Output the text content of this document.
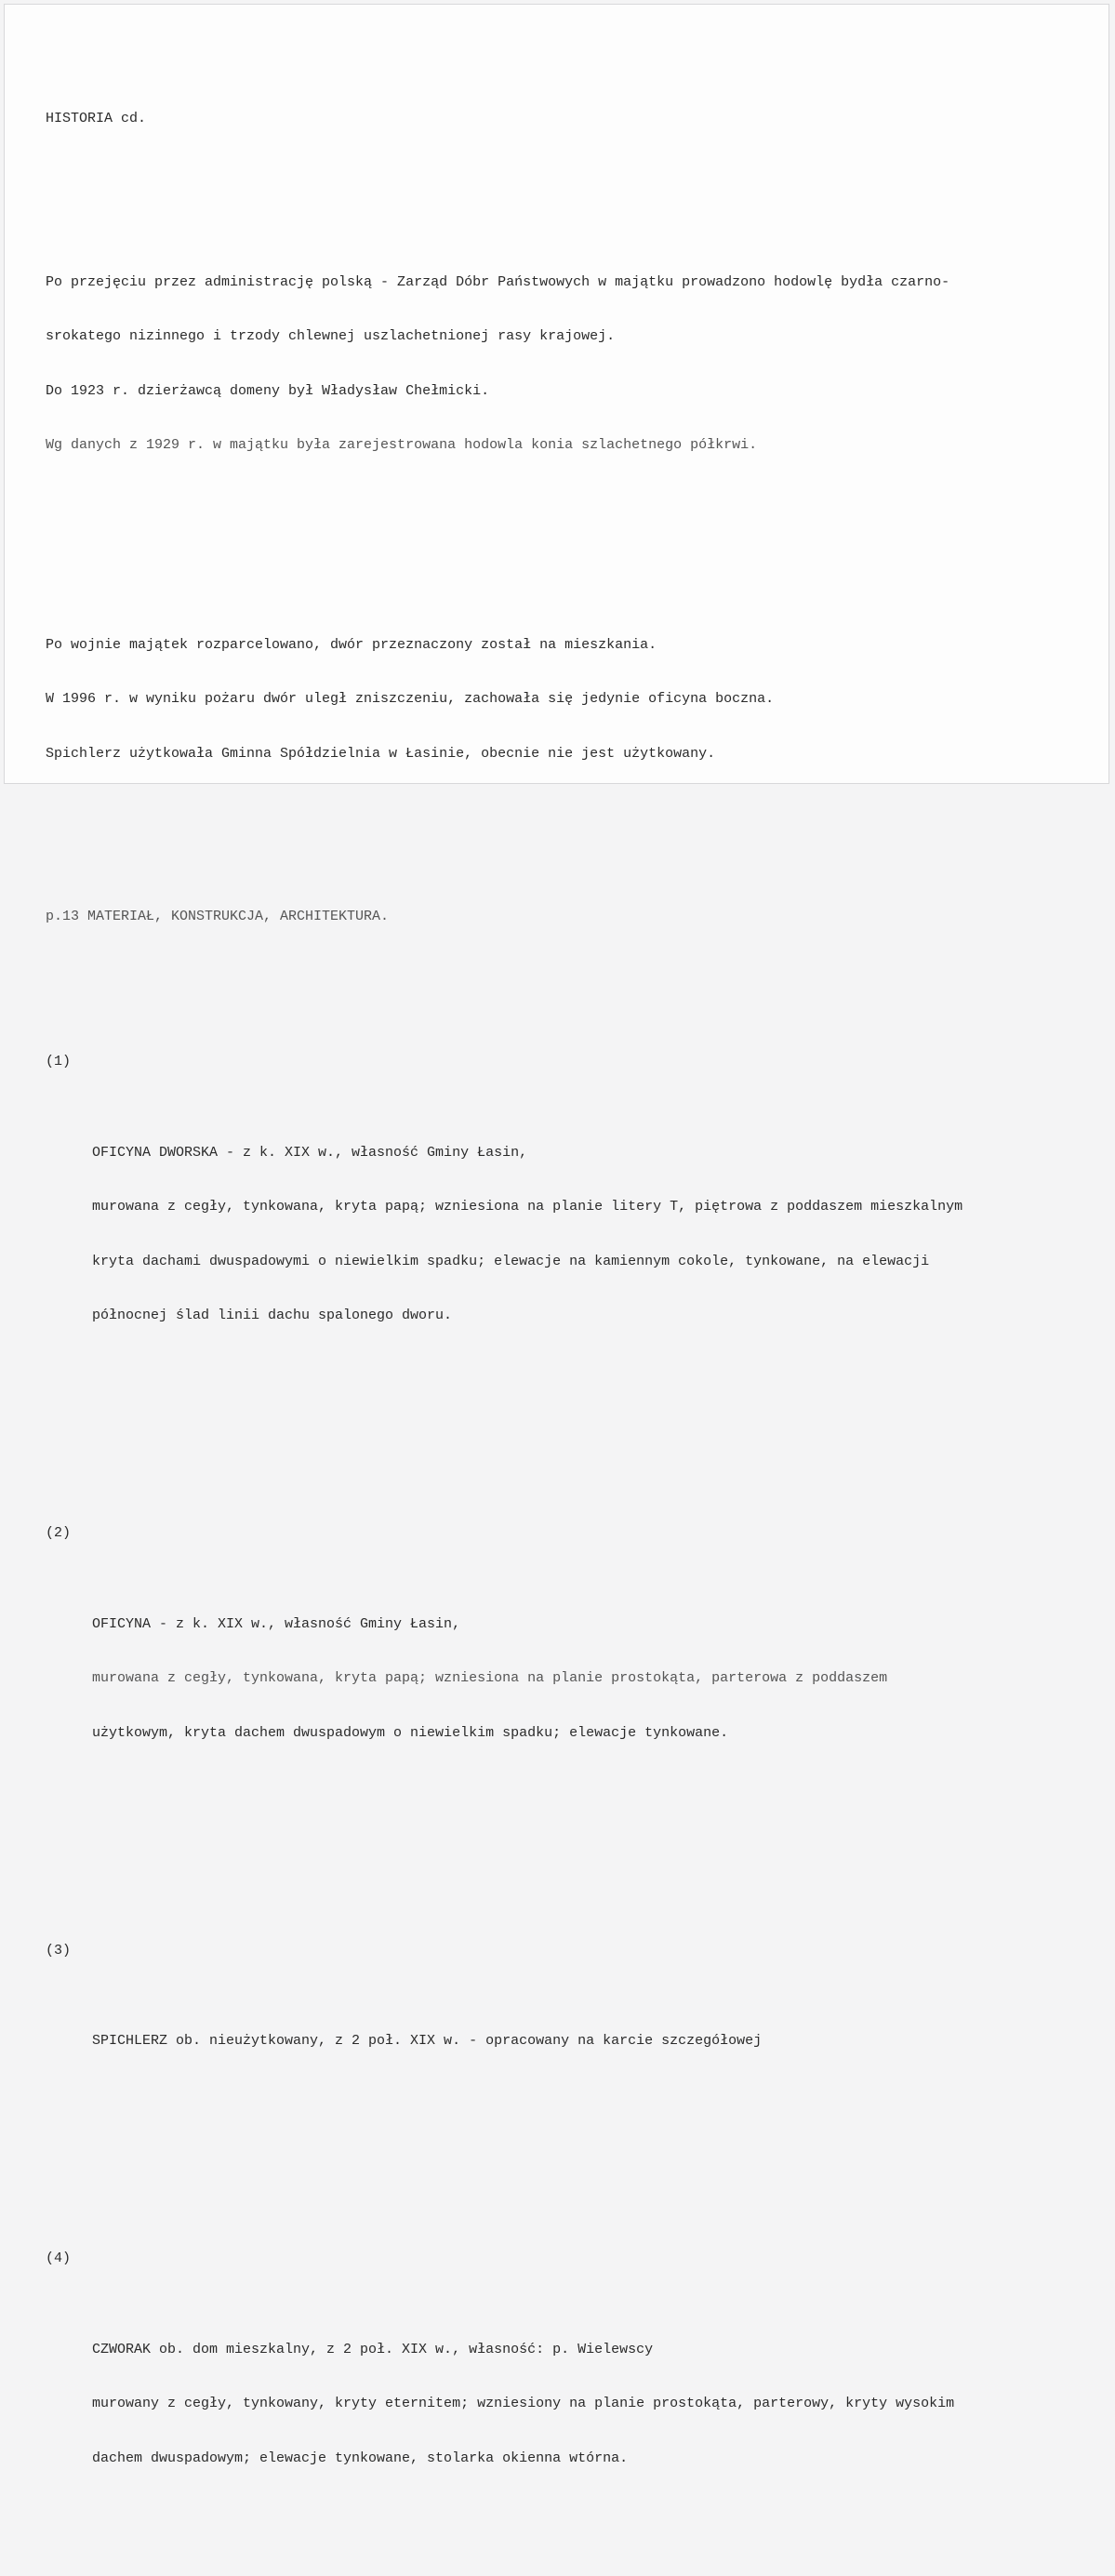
HISTORIA cd.

Po przejęciu przez administrację polską - Zarząd Dóbr Państwowych w majątku prowadzono hodowlę bydła czarno-

srokatego nizinnego i trzody chlewnej uszlachetnionej rasy krajowej.

Do 1923 r. dzierżawcą domeny był Władysław Chełmicki.

Wg danych z 1929 r. w majątku była zarejestrowana hodowla konia szlachetnego półkrwi.

Po wojnie majątek rozparcelowano, dwór przeznaczony został na mieszkania.

W 1996 r. w wyniku pożaru dwór uległ zniszczeniu, zachowała się jedynie oficyna boczna.

Spichlerz użytkowała Gminna Spółdzielnia w Łasinie, obecnie nie jest użytkowany.

p.13 MATERIAŁ, KONSTRUKCJA, ARCHITEKTURA.

(1)

OFICYNA DWORSKA - z k. XIX w., własność Gminy Łasin,

murowana z cegły, tynkowana, kryta papą; wzniesiona na planie litery T, piętrowa z poddaszem mieszkalnym

kryta dachami dwuspadowymi o niewielkim spadku; elewacje na kamiennym cokole, tynkowane, na elewacji

północnej ślad linii dachu spalonego dworu.

(2)

OFICYNA - z k. XIX w., własność Gminy Łasin,

murowana z cegły, tynkowana, kryta papą; wzniesiona na planie prostokąta, parterowa z poddaszem

użytkowym, kryta dachem dwuspadowym o niewielkim spadku; elewacje tynkowane.

(3)

SPICHLERZ ob. nieużytkowany, z 2 poł. XIX w. - opracowany na karcie szczegółowej

(4)

CZWORAK ob. dom mieszkalny, z 2 poł. XIX w., własność: p. Wielewscy

murowany z cegły, tynkowany, kryty eternitem; wzniesiony na planie prostokąta, parterowy, kryty wysokim

dachem dwuspadowym; elewacje tynkowane, stolarka okienna wtórna.
